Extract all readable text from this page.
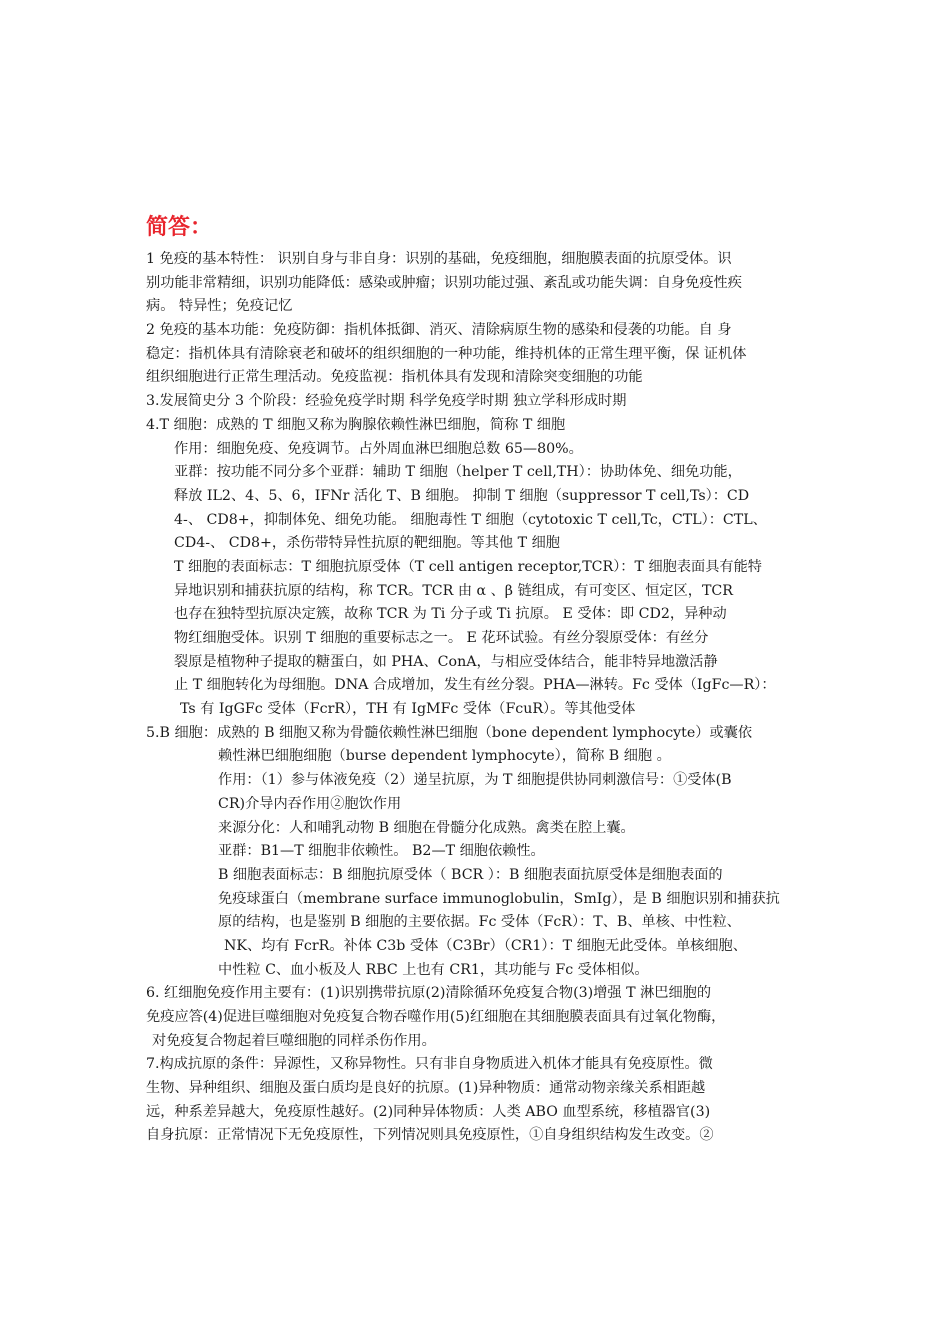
简答：
1 免疫的基本特性： 识别自身与非自身：识别的基础，免疫细胞，细胞膜表面的抗原受体。识
别功能非常精细，识别功能降低：感染或肿瘤；识别功能过强、紊乱或功能失调：自身免疫性疾
病。 特异性；免疫记忆
2 免疫的基本功能：免疫防御：指机体抵御、消灭、清除病原生物的感染和侵袭的功能。自 身
稳定：指机体具有清除衰老和破坏的组织细胞的一种功能，维持机体的正常生理平衡，保 证机体
组织细胞进行正常生理活动。免疫监视：指机体具有发现和清除突变细胞的功能
3.发展简史分 3 个阶段：经验免疫学时期 科学免疫学时期 独立学科形成时期
4.T 细胞：成熟的 T 细胞又称为胸腺依赖性淋巴细胞，简称 T 细胞
作用：细胞免疫、免疫调节。占外周血淋巴细胞总数 65—80%。
亚群：按功能不同分多个亚群：辅助 T 细胞（helper T cell,TH）：协助体免、细免功能，
释放 IL2、4、5、6，IFNr 活化 T、B 细胞。 抑制 T 细胞（suppressor T cell,Ts）：CD
4-、 CD8+，抑制体免、细免功能。 细胞毒性 T 细胞（cytotoxic T cell,Tc，CTL）：CTL、
CD4-、 CD8+，杀伤带特异性抗原的靶细胞。等其他 T 细胞
T 细胞的表面标志：T 细胞抗原受体（T cell antigen receptor,TCR）：T 细胞表面具有能特
异地识别和捕获抗原的结构，称 TCR。TCR 由 α 、β 链组成，有可变区、恒定区，TCR
也存在独特型抗原决定簇，故称 TCR 为 Ti 分子或 Ti 抗原。 E 受体：即 CD2，异种动
物红细胞受体。识别 T 细胞的重要标志之一。 E 花环试验。有丝分裂原受体：有丝分
裂原是植物种子提取的糖蛋白，如 PHA、ConA，与相应受体结合，能非特异地激活静
止 T 细胞转化为母细胞。DNA 合成增加，发生有丝分裂。PHA—淋转。Fc 受体（IgFc—R）：
Ts 有 IgGFc 受体（FcrR），TH 有 IgMFc 受体（FcuR）。等其他受体
5.B 细胞：成熟的 B 细胞又称为骨髓依赖性淋巴细胞（bone dependent lymphocyte）或囊依
赖性淋巴细胞细胞（burse dependent lymphocyte），简称 B 细胞 。
作用：（1）参与体液免疫（2）递呈抗原，为 T 细胞提供协同刺激信号：①受体(B
CR)介导内吞作用②胞饮作用
来源分化：人和哺乳动物 B 细胞在骨髓分化成熟。禽类在腔上囊。
亚群：B1—T 细胞非依赖性。 B2—T 细胞依赖性。
B 细胞表面标志：B 细胞抗原受体（ BCR ）：B 细胞表面抗原受体是细胞表面的
免疫球蛋白（membrane surface immunoglobulin，SmIg），是 B 细胞识别和捕获抗
原的结构，也是鉴别 B 细胞的主要依据。Fc 受体（FcR）：T、B、单核、中性粒、
NK、均有 FcrR。补体 C3b 受体（C3Br）（CR1）：T 细胞无此受体。单核细胞、
中性粒 C、血小板及人 RBC 上也有 CR1，其功能与 Fc 受体相似。
6. 红细胞免疫作用主要有：(1)识别携带抗原(2)清除循环免疫复合物(3)增强 T 淋巴细胞的
免疫应答(4)促进巨噬细胞对免疫复合物吞噬作用(5)红细胞在其细胞膜表面具有过氧化物酶，
对免疫复合物起着巨噬细胞的同样杀伤作用。
7.构成抗原的条件：异源性，又称异物性。只有非自身物质进入机体才能具有免疫原性。微
生物、异种组织、细胞及蛋白质均是良好的抗原。(1)异种物质：通常动物亲缘关系相距越
远，种系差异越大，免疫原性越好。(2)同种异体物质：人类 ABO 血型系统，移植器官(3)
自身抗原：正常情况下无免疫原性，下列情况则具免疫原性，①自身组织结构发生改变。②
